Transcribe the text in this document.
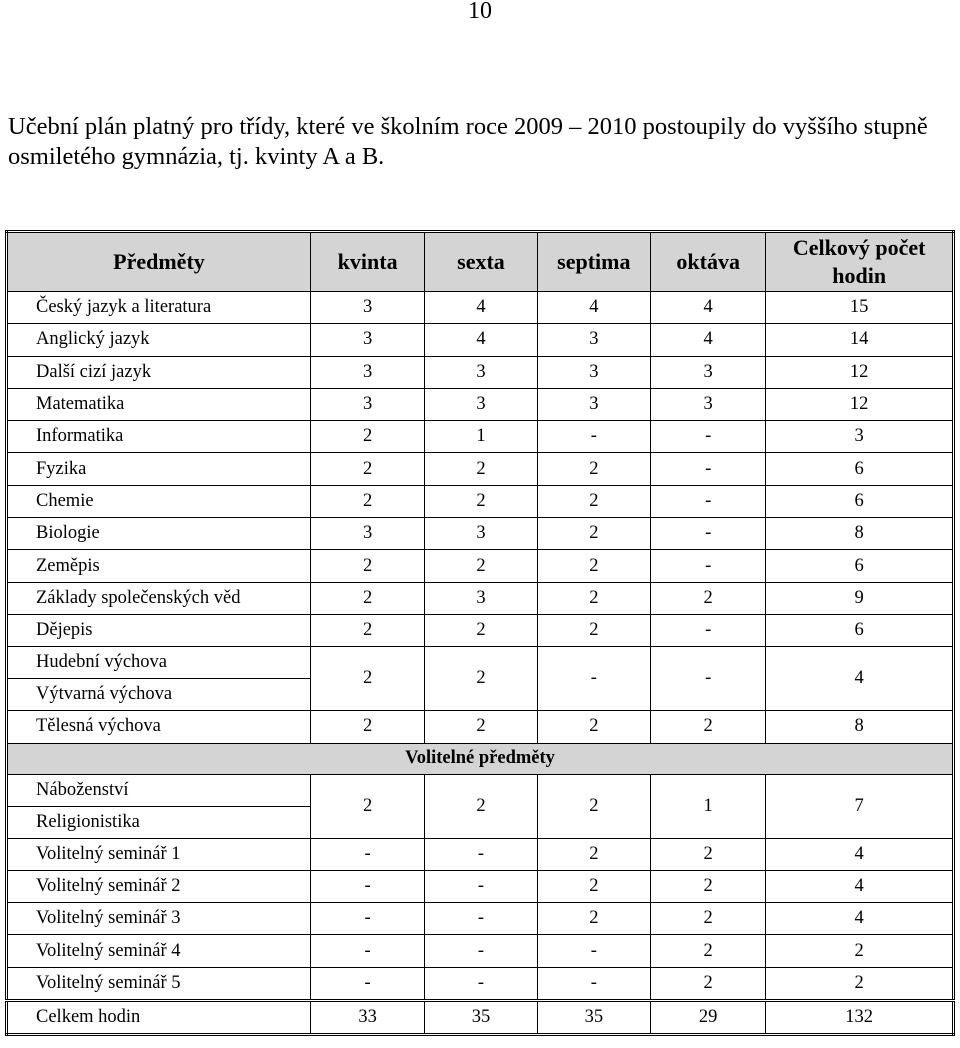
10

Učební plán platný pro třídy, které ve školním roce 2009 – 2010 postoupily do vyššího stupně osmiletého gymnázia, tj. kvinty A a B.

Předměty	kvinta	sexta	septima	oktáva	Celkový počet hodin
Český jazyk a literatura	3	4	4	4	15
Anglický jazyk	3	4	3	4	14
Další cizí jazyk	3	3	3	3	12
Matematika	3	3	3	3	12
Informatika	2	1	-	-	3
Fyzika	2	2	2	-	6
Chemie	2	2	2	-	6
Biologie	3	3	2	-	8
Zeměpis	2	2	2	-	6
Základy společenských věd	2	3	2	2	9
Dějepis	2	2	2	-	6

Hudební výchova
Výtvarná výchova	2	2	-	-	4
Tělesná výchova	2	2	2	2	8
Volitelné předměty					

Náboženství
Religionistika	2	2	2	1	7
Volitelný seminář 1	-	-	2	2	4
Volitelný seminář 2	-	-	2	2	4
Volitelný seminář 3	-	-	2	2	4
Volitelný seminář 4	-	-	-	2	2
Volitelný seminář 5	-	-	-	2	2
Celkem hodin	33	35	35	29	132
